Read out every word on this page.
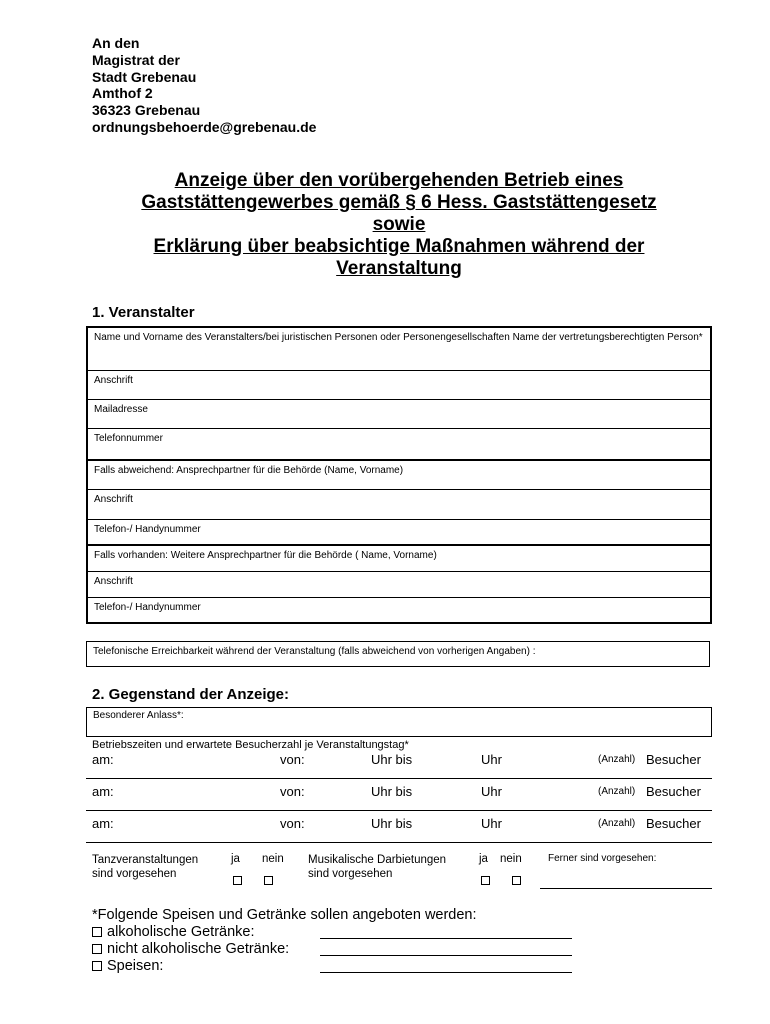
An den
Magistrat der
Stadt Grebenau
Amthof 2
36323 Grebenau
ordnungsbehoerde@grebenau.de
Anzeige über den vorübergehenden Betrieb eines
Gaststättengewerbes gemäß § 6 Hess. Gaststättengesetz
sowie
Erklärung über beabsichtige Maßnahmen während der
Veranstaltung
1. Veranstalter
Name und Vorname des Veranstalters/bei juristischen Personen oder Personengesellschaften Name der vertretungsberechtigten Person*
Anschrift
Mailadresse
Telefonnummer
Falls abweichend: Ansprechpartner für die Behörde (Name, Vorname)
Anschrift
Telefon-/ Handynummer
Falls vorhanden: Weitere Ansprechpartner für die Behörde ( Name, Vorname)
Anschrift
Telefon-/ Handynummer
Telefonische Erreichbarkeit während der Veranstaltung (falls abweichend von vorherigen Angaben) :
2. Gegenstand der Anzeige:
Besonderer Anlass*:
Betriebszeiten und erwartete Besucherzahl je Veranstaltungstag*
am:	von:	Uhr bis	Uhr	(Anzahl) Besucher
am:	von:	Uhr bis	Uhr	(Anzahl) Besucher
am:	von:	Uhr bis	Uhr	(Anzahl) Besucher
Tanzveranstaltungen
sind vorgesehen
ja nein Musikalische Darbietungen
sind vorgesehen
ja nein	Ferner sind vorgesehen:
*Folgende Speisen und Getränke sollen angeboten werden:
alkoholische Getränke:
nicht alkoholische Getränke:
Speisen:
